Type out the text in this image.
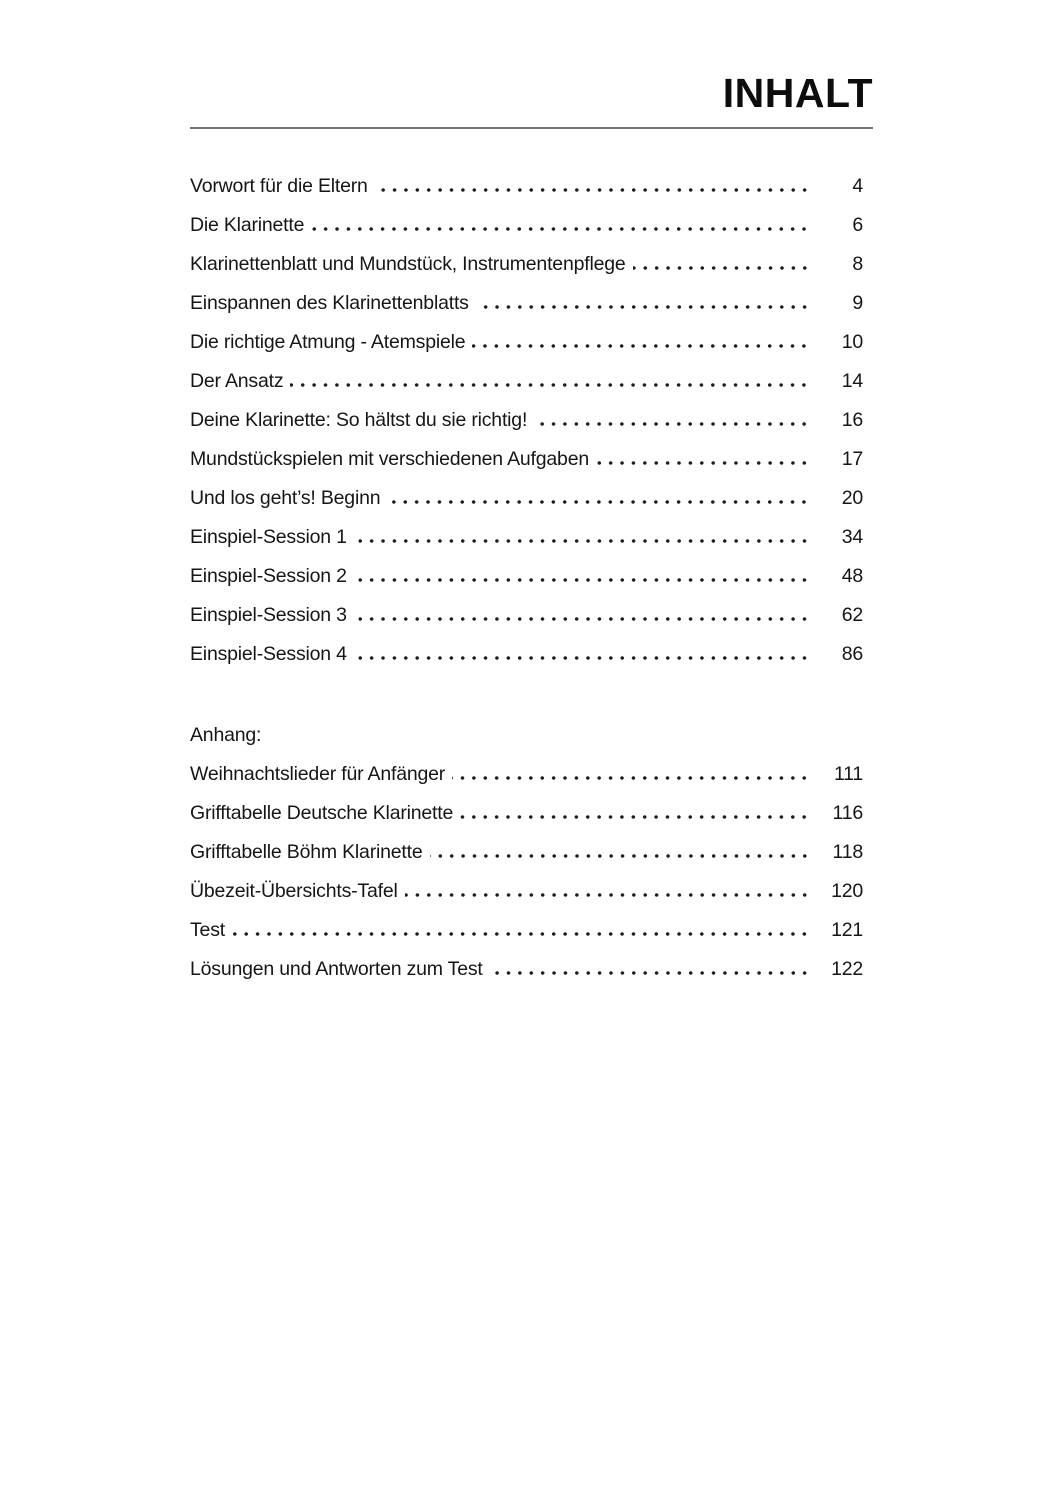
INHALT
Vorwort für die Eltern	4
Die Klarinette	6
Klarinettenblatt und Mundstück, Instrumentenpflege	8
Einspannen des Klarinettenblatts	9
Die richtige Atmung - Atemspiele	10
Der Ansatz	14
Deine Klarinette: So hältst du sie richtig!	16
Mundstückspielen mit verschiedenen Aufgaben	17
Und los geht’s! Beginn	20
Einspiel-Session 1	34
Einspiel-Session 2	48
Einspiel-Session 3	62
Einspiel-Session 4	86
Anhang:
Weihnachtslieder für Anfänger	111
Grifftabelle Deutsche Klarinette	116
Grifftabelle Böhm Klarinette	118
Übezeit-Übersichts-Tafel	120
Test	121
Lösungen und Antworten zum Test	122
